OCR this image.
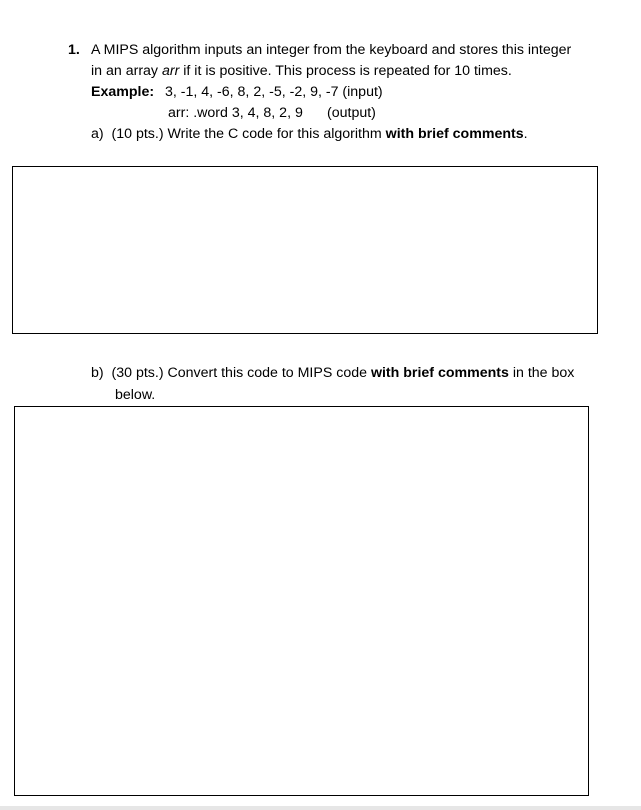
1. A MIPS algorithm inputs an integer from the keyboard and stores this integer
in an array arr if it is positive. This process is repeated for 10 times.
Example: 3, -1, 4, -6, 8, 2, -5, -2, 9, -7 (input)
arr: .word 3, 4, 8, 2, 9 (output)
a) (10 pts.) Write the C code for this algorithm with brief comments.
b) (30 pts.) Convert this code to MIPS code with brief comments in the box
below.
